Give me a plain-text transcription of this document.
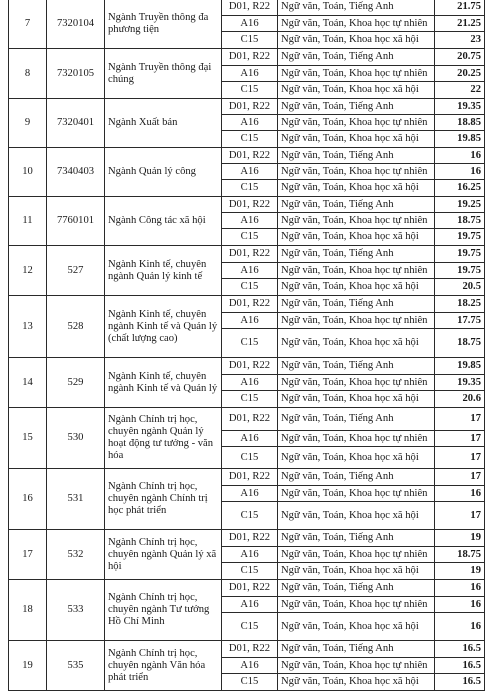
7	7320104	Ngành Truyền thông đa phương tiện	D01, R22	Ngữ văn, Toán, Tiếng Anh	21.75
			A16	Ngữ văn, Toán, Khoa học tự nhiên	21.25
			C15	Ngữ văn, Toán, Khoa học xã hội	23
8	7320105	Ngành Truyền thông đại chúng	D01, R22	Ngữ văn, Toán, Tiếng Anh	20.75
			A16	Ngữ văn, Toán, Khoa học tự nhiên	20.25
			C15	Ngữ văn, Toán, Khoa học xã hội	22
9	7320401	Ngành Xuất bản	D01, R22	Ngữ văn, Toán, Tiếng Anh	19.35
			A16	Ngữ văn, Toán, Khoa học tự nhiên	18.85
			C15	Ngữ văn, Toán, Khoa học xã hội	19.85
10	7340403	Ngành Quản lý công	D01, R22	Ngữ văn, Toán, Tiếng Anh	16
			A16	Ngữ văn, Toán, Khoa học tự nhiên	16
			C15	Ngữ văn, Toán, Khoa học xã hội	16.25
11	7760101	Ngành Công tác xã hội	D01, R22	Ngữ văn, Toán, Tiếng Anh	19.25
			A16	Ngữ văn, Toán, Khoa học tự nhiên	18.75
			C15	Ngữ văn, Toán, Khoa học xã hội	19.75
12	527	Ngành Kinh tế, chuyên ngành Quản lý kinh tế	D01, R22	Ngữ văn, Toán, Tiếng Anh	19.75
			A16	Ngữ văn, Toán, Khoa học tự nhiên	19.75
			C15	Ngữ văn, Toán, Khoa học xã hội	20.5
13	528	Ngành Kinh tế, chuyên ngành Kinh tế và Quản lý (chất lượng cao)	D01, R22	Ngữ văn, Toán, Tiếng Anh	18.25
			A16	Ngữ văn, Toán, Khoa học tự nhiên	17.75
			C15	Ngữ văn, Toán, Khoa học xã hội	18.75
14	529	Ngành Kinh tế, chuyên ngành Kinh tế và Quản lý	D01, R22	Ngữ văn, Toán, Tiếng Anh	19.85
			A16	Ngữ văn, Toán, Khoa học tự nhiên	19.35
			C15	Ngữ văn, Toán, Khoa học xã hội	20.6
15	530	Ngành Chính trị học, chuyên ngành Quản lý hoạt động tư tưởng - văn hóa	D01, R22	Ngữ văn, Toán, Tiếng Anh	17
			A16	Ngữ văn, Toán, Khoa học tự nhiên	17
			C15	Ngữ văn, Toán, Khoa học xã hội	17
16	531	Ngành Chính trị học, chuyên ngành Chính trị học phát triển	D01, R22	Ngữ văn, Toán, Tiếng Anh	17
			A16	Ngữ văn, Toán, Khoa học tự nhiên	16
			C15	Ngữ văn, Toán, Khoa học xã hội	17
17	532	Ngành Chính trị học, chuyên ngành Quản lý xã hội	D01, R22	Ngữ văn, Toán, Tiếng Anh	19
			A16	Ngữ văn, Toán, Khoa học tự nhiên	18.75
			C15	Ngữ văn, Toán, Khoa học xã hội	19
18	533	Ngành Chính trị học, chuyên ngành Tư tưởng Hồ Chí Minh	D01, R22	Ngữ văn, Toán, Tiếng Anh	16
			A16	Ngữ văn, Toán, Khoa học tự nhiên	16
			C15	Ngữ văn, Toán, Khoa học xã hội	16
19	535	Ngành Chính trị học, chuyên ngành Văn hóa phát triển	D01, R22	Ngữ văn, Toán, Tiếng Anh	16.5
			A16	Ngữ văn, Toán, Khoa học tự nhiên	16.5
			C15	Ngữ văn, Toán, Khoa học xã hội	16.5
